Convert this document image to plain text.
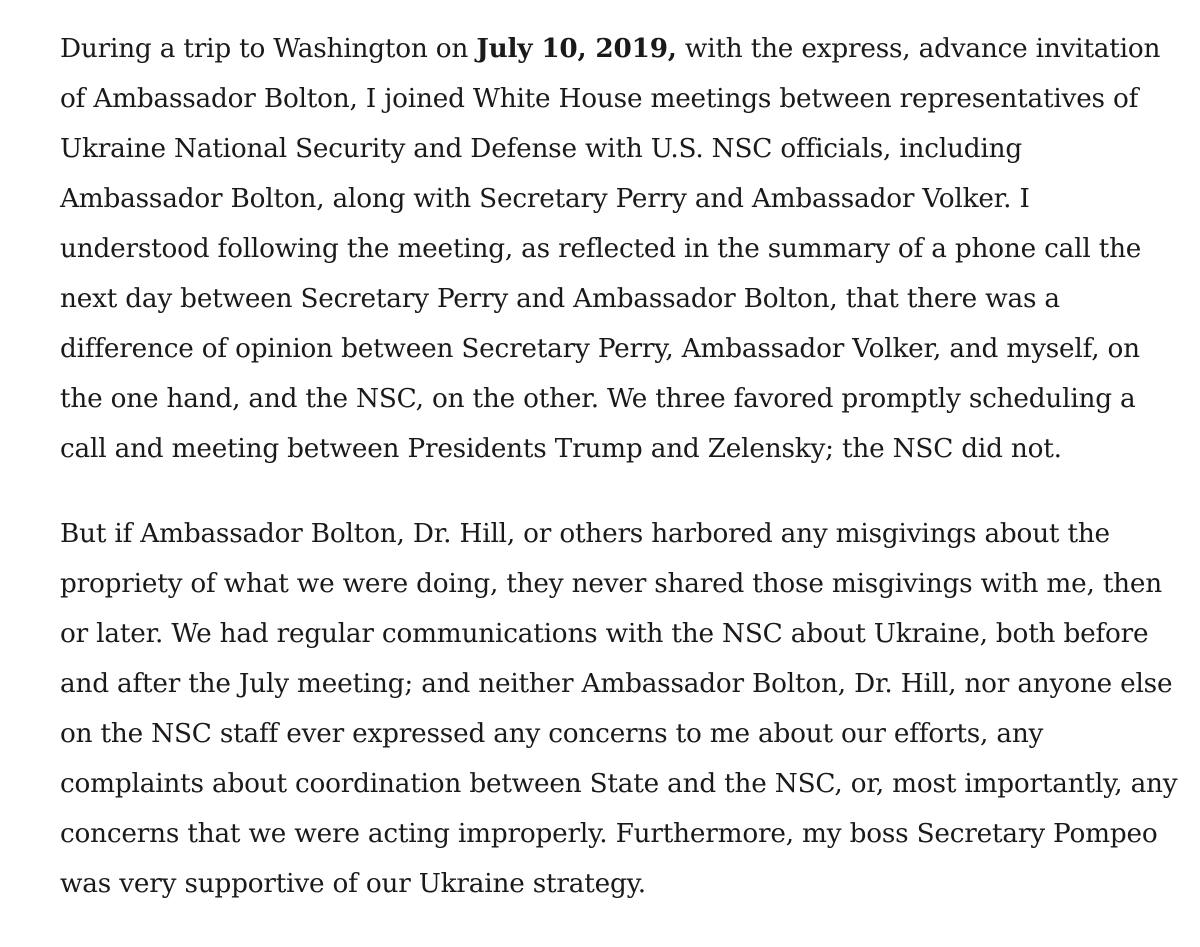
During a trip to Washington on July 10, 2019, with the express, advance invitation of Ambassador Bolton, I joined White House meetings between representatives of Ukraine National Security and Defense with U.S. NSC officials, including Ambassador Bolton, along with Secretary Perry and Ambassador Volker. I understood following the meeting, as reflected in the summary of a phone call the next day between Secretary Perry and Ambassador Bolton, that there was a difference of opinion between Secretary Perry, Ambassador Volker, and myself, on the one hand, and the NSC, on the other. We three favored promptly scheduling a call and meeting between Presidents Trump and Zelensky; the NSC did not.

But if Ambassador Bolton, Dr. Hill, or others harbored any misgivings about the propriety of what we were doing, they never shared those misgivings with me, then or later. We had regular communications with the NSC about Ukraine, both before and after the July meeting; and neither Ambassador Bolton, Dr. Hill, nor anyone else on the NSC staff ever expressed any concerns to me about our efforts, any complaints about coordination between State and the NSC, or, most importantly, any concerns that we were acting improperly. Furthermore, my boss Secretary Pompeo was very supportive of our Ukraine strategy.
